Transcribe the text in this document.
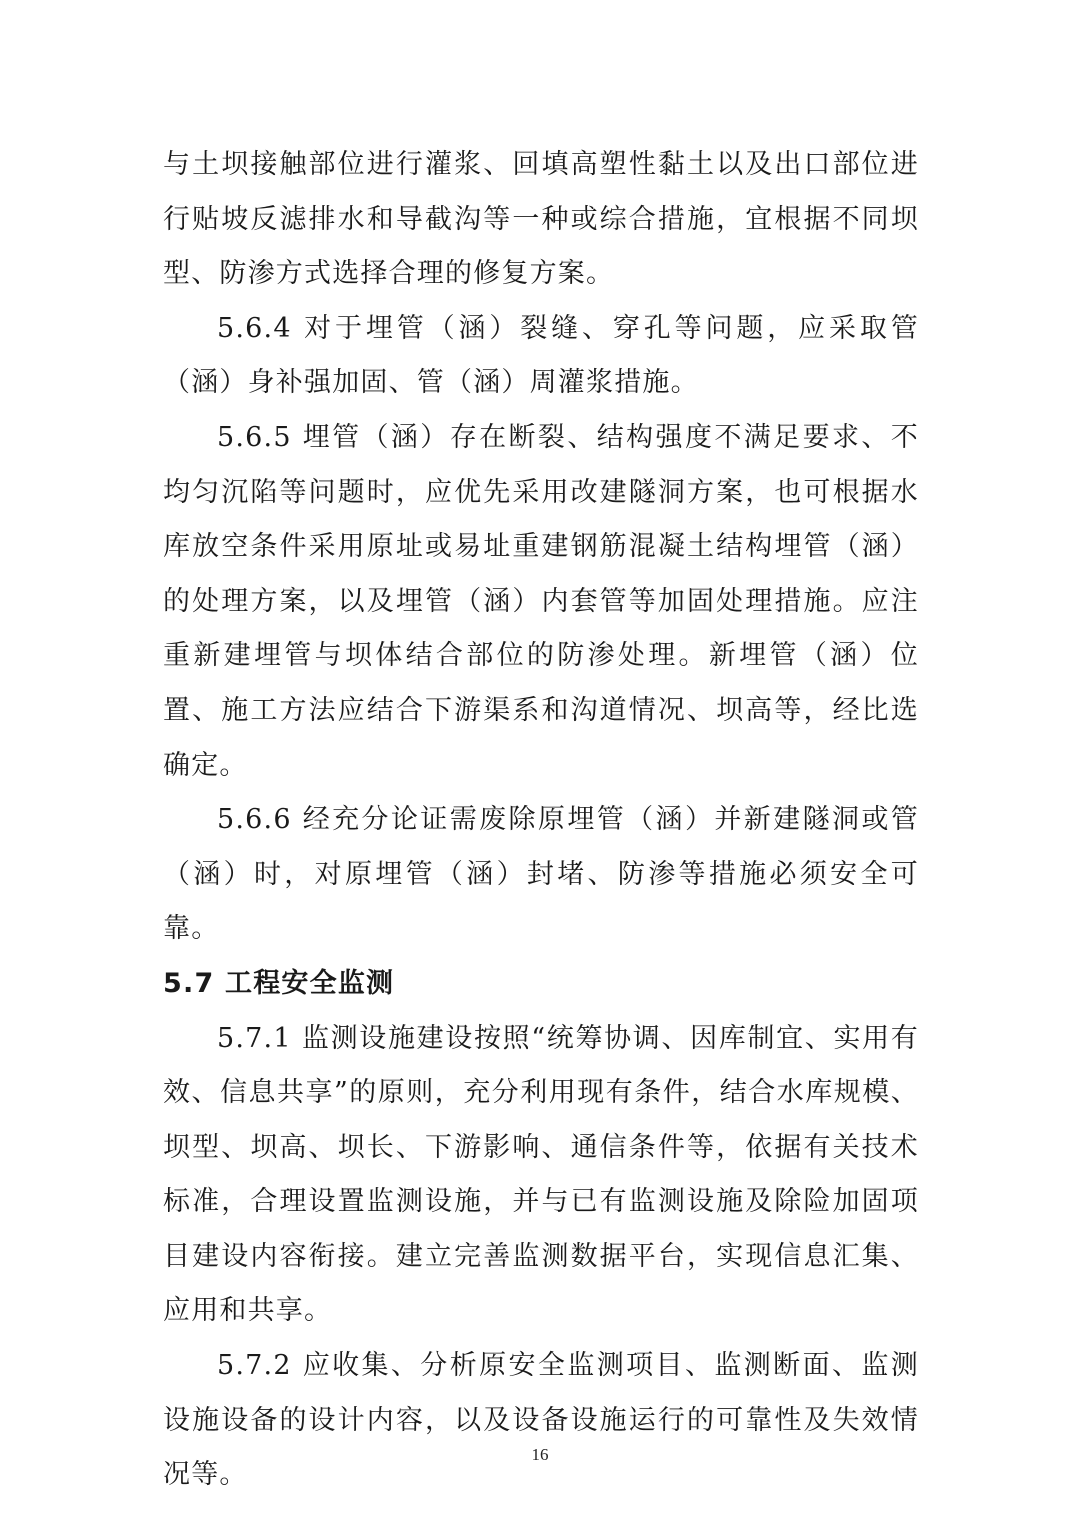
与土坝接触部位进行灌浆、回填高塑性黏土以及出口部位进行贴坡反滤排水和导截沟等一种或综合措施，宜根据不同坝型、防渗方式选择合理的修复方案。

5.6.4 对于埋管（涵）裂缝、穿孔等问题，应采取管（涵）身补强加固、管（涵）周灌浆措施。

5.6.5 埋管（涵）存在断裂、结构强度不满足要求、不均匀沉陷等问题时，应优先采用改建隧洞方案，也可根据水库放空条件采用原址或易址重建钢筋混凝土结构埋管（涵）的处理方案，以及埋管（涵）内套管等加固处理措施。应注重新建埋管与坝体结合部位的防渗处理。新埋管（涵）位置、施工方法应结合下游渠系和沟道情况、坝高等，经比选确定。

5.6.6 经充分论证需废除原埋管（涵）并新建隧洞或管（涵）时，对原埋管（涵）封堵、防渗等措施必须安全可靠。

5.7 工程安全监测

5.7.1 监测设施建设按照“统筹协调、因库制宜、实用有效、信息共享”的原则，充分利用现有条件，结合水库规模、坝型、坝高、坝长、下游影响、通信条件等，依据有关技术标准，合理设置监测设施，并与已有监测设施及除险加固项目建设内容衔接。建立完善监测数据平台，实现信息汇集、应用和共享。

5.7.2 应收集、分析原安全监测项目、监测断面、监测设施设备的设计内容，以及设备设施运行的可靠性及失效情况等。

16
